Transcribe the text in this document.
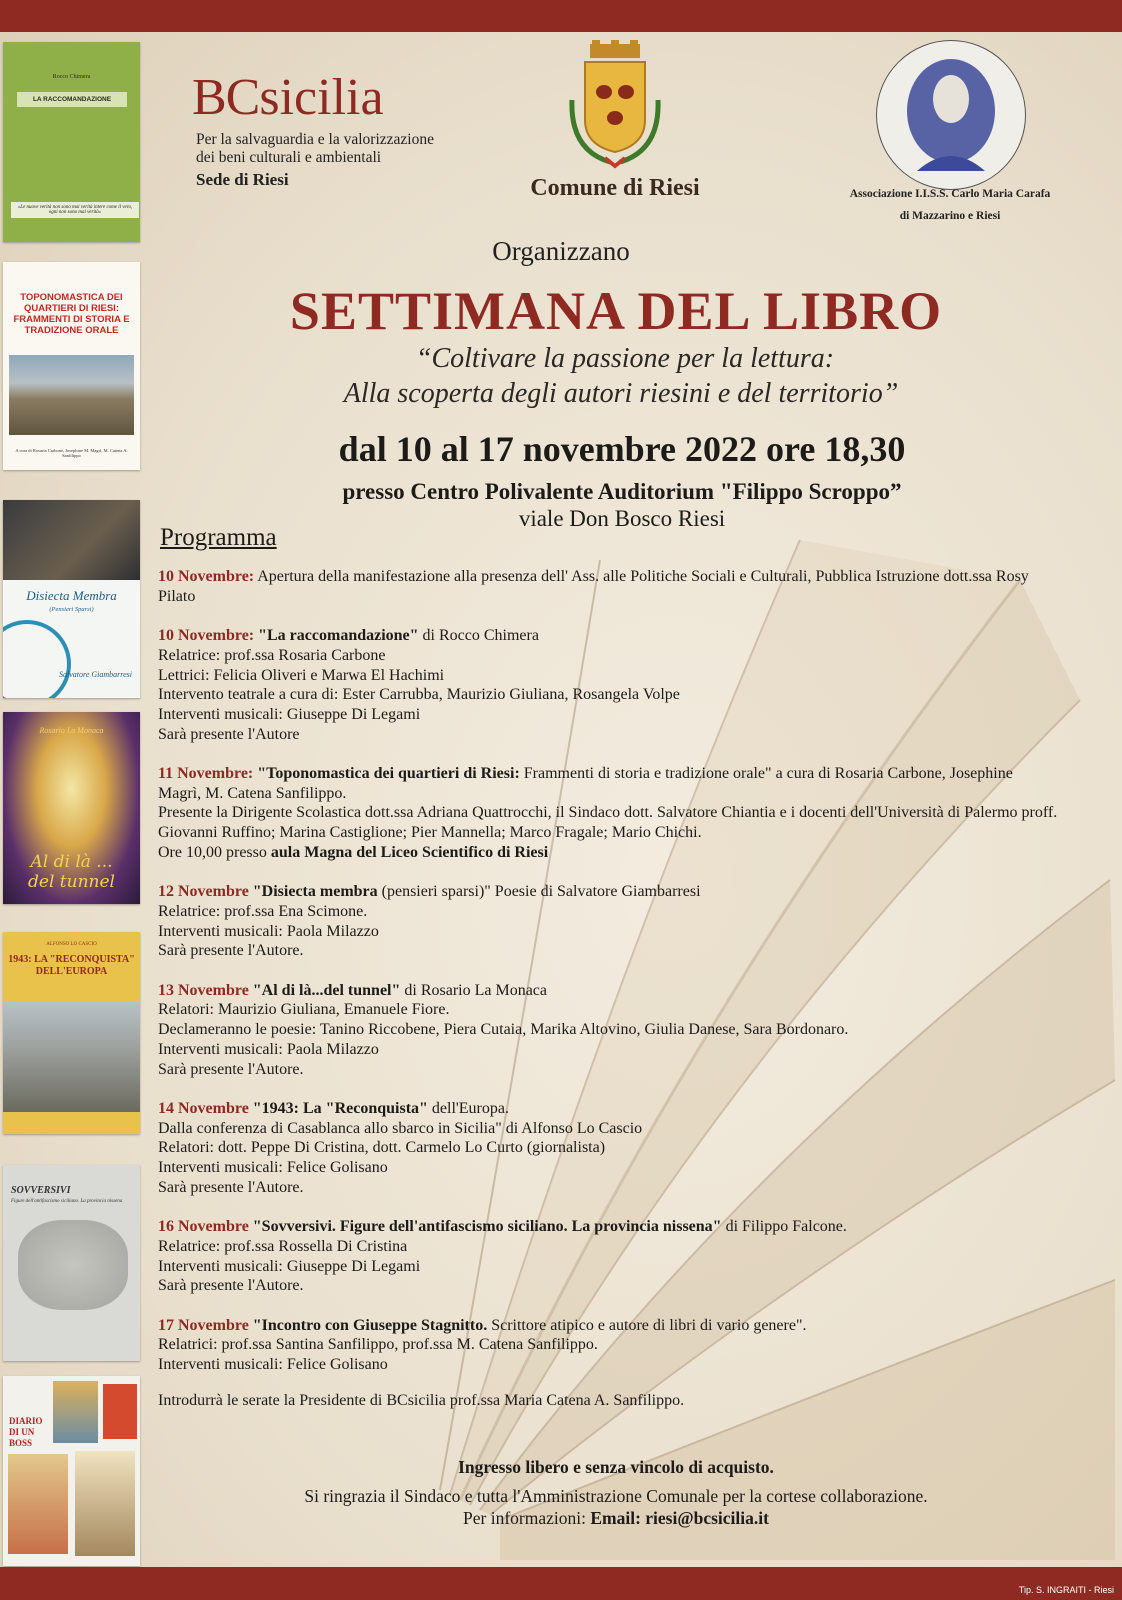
Rocco Chimera
LA RACCOMANDAZIONE
«Le nuove verità non sono mai verità intere come il vero, ogni non sono mai verità»
TOPONOMASTICA DEI QUARTIERI DI RIESI: FRAMMENTI DI STORIA E TRADIZIONE ORALE
A cura di Rosaria Carbone, Josephine M. Magrì, M. Catena A. Sanfilippo
Disiecta Membra
(Pensieri Sparsi)
Salvatore Giambarresi
Rosario La Monaca
Al di là ...
del tunnel
ALFONSO LO CASCIO
1943: LA "RECONQUISTA" DELL'EUROPA
SOVVERSIVI
Figure dell'antifascismo siciliano. La provincia nissena
DIARIO DI UN BOSS
BCsicilia
Per la salvaguardia e la valorizzazione
dei beni culturali e ambientali
Sede di Riesi	Comune di Riesi	Associazione I.I.S.S. Carlo Maria Carafa
di Mazzarino e Riesi
Organizzano
SETTIMANA DEL LIBRO
“Coltivare la passione per la lettura:
Alla scoperta degli autori riesini e del territorio”
dal 10 al 17 novembre 2022 ore 18,30
presso Centro Polivalente Auditorium "Filippo Scroppo”
viale Don Bosco Riesi
Programma
10 Novembre: Apertura della manifestazione alla presenza dell' Ass. alle Politiche Sociali e Culturali, Pubblica Istruzione dott.ssa Rosy Pilato
10 Novembre: "La raccomandazione" di Rocco Chimera
Relatrice: prof.ssa Rosaria Carbone
Lettrici: Felicia Oliveri e Marwa El Hachimi
Intervento teatrale a cura di: Ester Carrubba, Maurizio Giuliana, Rosangela Volpe
Interventi musicali: Giuseppe Di Legami
Sarà presente l'Autore
11 Novembre: "Toponomastica dei quartieri di Riesi: Frammenti di storia e tradizione orale" a cura di Rosaria Carbone, Josephine Magrì, M. Catena Sanfilippo.
Presente la Dirigente Scolastica dott.ssa Adriana Quattrocchi, il Sindaco dott. Salvatore Chiantia e i docenti dell'Università di Palermo proff. Giovanni Ruffino; Marina Castiglione; Pier Mannella; Marco Fragale; Mario Chichi.
Ore 10,00 presso aula Magna del Liceo Scientifico di Riesi
12 Novembre "Disiecta membra (pensieri sparsi)" Poesie di Salvatore Giambarresi
Relatrice: prof.ssa Ena Scimone.
Interventi musicali: Paola Milazzo
Sarà presente l'Autore.
13 Novembre "Al di là...del tunnel" di Rosario La Monaca
Relatori: Maurizio Giuliana, Emanuele Fiore.
Declameranno le poesie: Tanino Riccobene, Piera Cutaia, Marika Altovino, Giulia Danese, Sara Bordonaro.
Interventi musicali: Paola Milazzo
Sarà presente l'Autore.
14 Novembre "1943: La "Reconquista" dell'Europa.
Dalla conferenza di Casablanca allo sbarco in Sicilia" di Alfonso Lo Cascio
Relatori: dott. Peppe Di Cristina, dott. Carmelo Lo Curto (giornalista)
Interventi musicali: Felice Golisano
Sarà presente l'Autore.
16 Novembre "Sovversivi. Figure dell'antifascismo siciliano. La provincia nissena" di Filippo Falcone.
Relatrice: prof.ssa Rossella Di Cristina
Interventi musicali: Giuseppe Di Legami
Sarà presente l'Autore.
17 Novembre "Incontro con Giuseppe Stagnitto. Scrittore atipico e autore di libri di vario genere".
Relatrici: prof.ssa Santina Sanfilippo, prof.ssa M. Catena Sanfilippo.
Interventi musicali: Felice Golisano
Introdurrà le serate la Presidente di BCsicilia prof.ssa Maria Catena A. Sanfilippo.
Ingresso libero e senza vincolo di acquisto.
Si ringrazia il Sindaco e tutta l'Amministrazione Comunale per la cortese collaborazione.
Per informazioni: Email: riesi@bcsicilia.it
Tip. S. INGRAITI - Riesi
